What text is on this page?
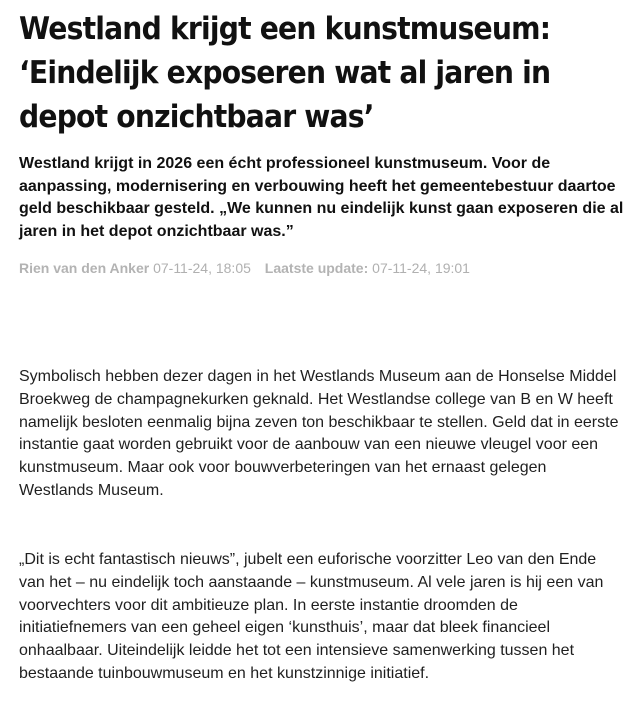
Westland krijgt een kunstmuseum: ‘Eindelijk exposeren wat al jaren in depot onzichtbaar was’

Westland krijgt in 2026 een écht professioneel kunstmuseum. Voor de aanpassing, modernisering en verbouwing heeft het gemeentebestuur daartoe geld beschikbaar gesteld. „We kunnen nu eindelijk kunst gaan exposeren die al jaren in het depot onzichtbaar was.”

Rien van den Anker 07-11-24, 18:05 Laatste update: 07-11-24, 19:01

Symbolisch hebben dezer dagen in het Westlands Museum aan de Honselse Middel Broekweg de champagnekurken geknald. Het Westlandse college van B en W heeft namelijk besloten eenmalig bijna zeven ton beschikbaar te stellen. Geld dat in eerste instantie gaat worden gebruikt voor de aanbouw van een nieuwe vleugel voor een kunstmuseum. Maar ook voor bouwverbeteringen van het ernaast gelegen Westlands Museum.

„Dit is echt fantastisch nieuws”, jubelt een euforische voorzitter Leo van den Ende van het – nu eindelijk toch aanstaande – kunstmuseum. Al vele jaren is hij een van voorvechters voor dit ambitieuze plan. In eerste instantie droomden de initiatiefnemers van een geheel eigen ‘kunsthuis’, maar dat bleek financieel onhaalbaar. Uiteindelijk leidde het tot een intensieve samenwerking tussen het bestaande tuinbouwmuseum en het kunstzinnige initiatief.
